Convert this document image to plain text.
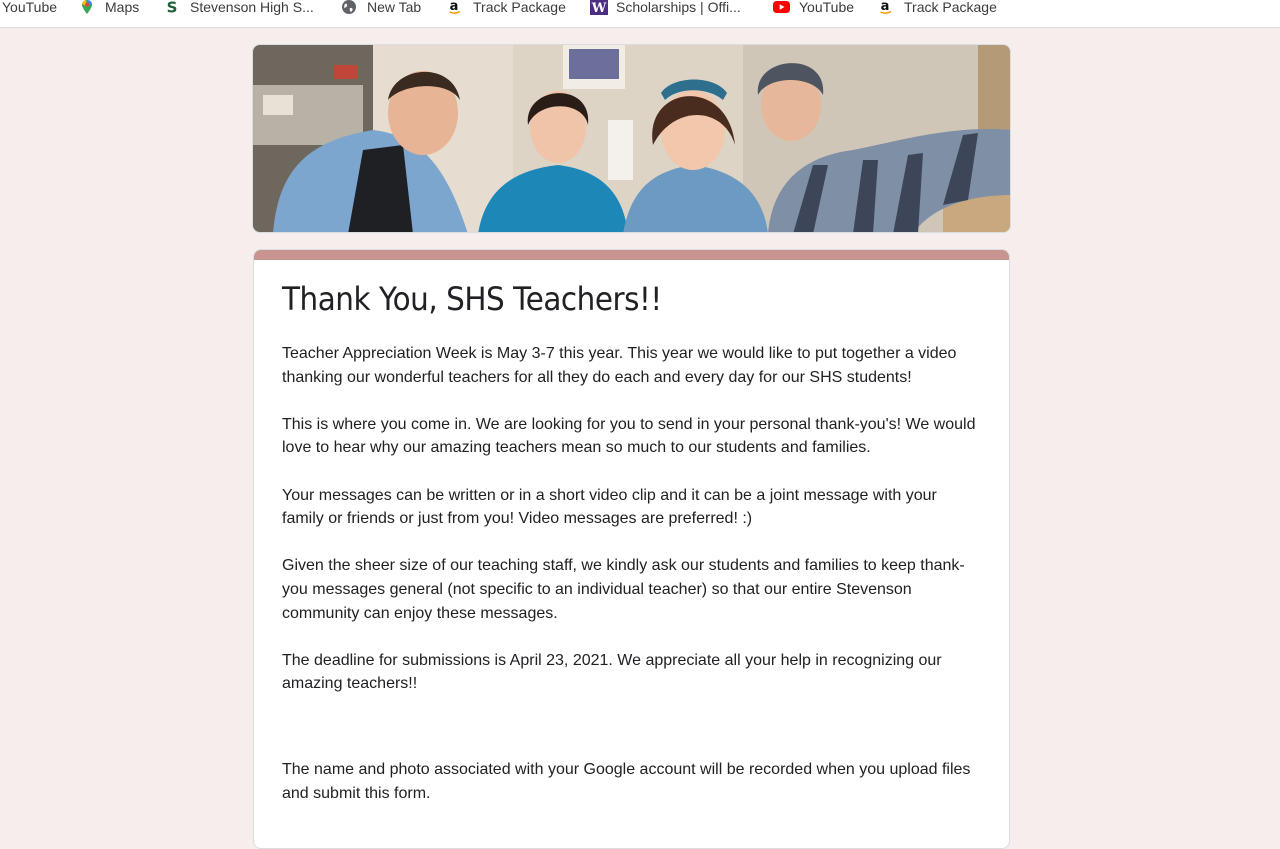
YouTube	Maps S Stevenson High S...	New Tab a Track Package W Scholarships | Offi...	YouTube a Track Package
Thank You, SHS Teachers!!

Teacher Appreciation Week is May 3-7 this year. This year we would like to put together a video thanking our wonderful teachers for all they do each and every day for our SHS students!

This is where you come in. We are looking for you to send in your personal thank-you's! We would love to hear why our amazing teachers mean so much to our students and families.

Your messages can be written or in a short video clip and it can be a joint message with your family or friends or just from you! Video messages are preferred! :)

Given the sheer size of our teaching staff, we kindly ask our students and families to keep thank-you messages general (not specific to an individual teacher) so that our entire Stevenson community can enjoy these messages.

The deadline for submissions is April 23, 2021. We appreciate all your help in recognizing our amazing teachers!!

The name and photo associated with your Google account will be recorded when you upload files and submit this form.
